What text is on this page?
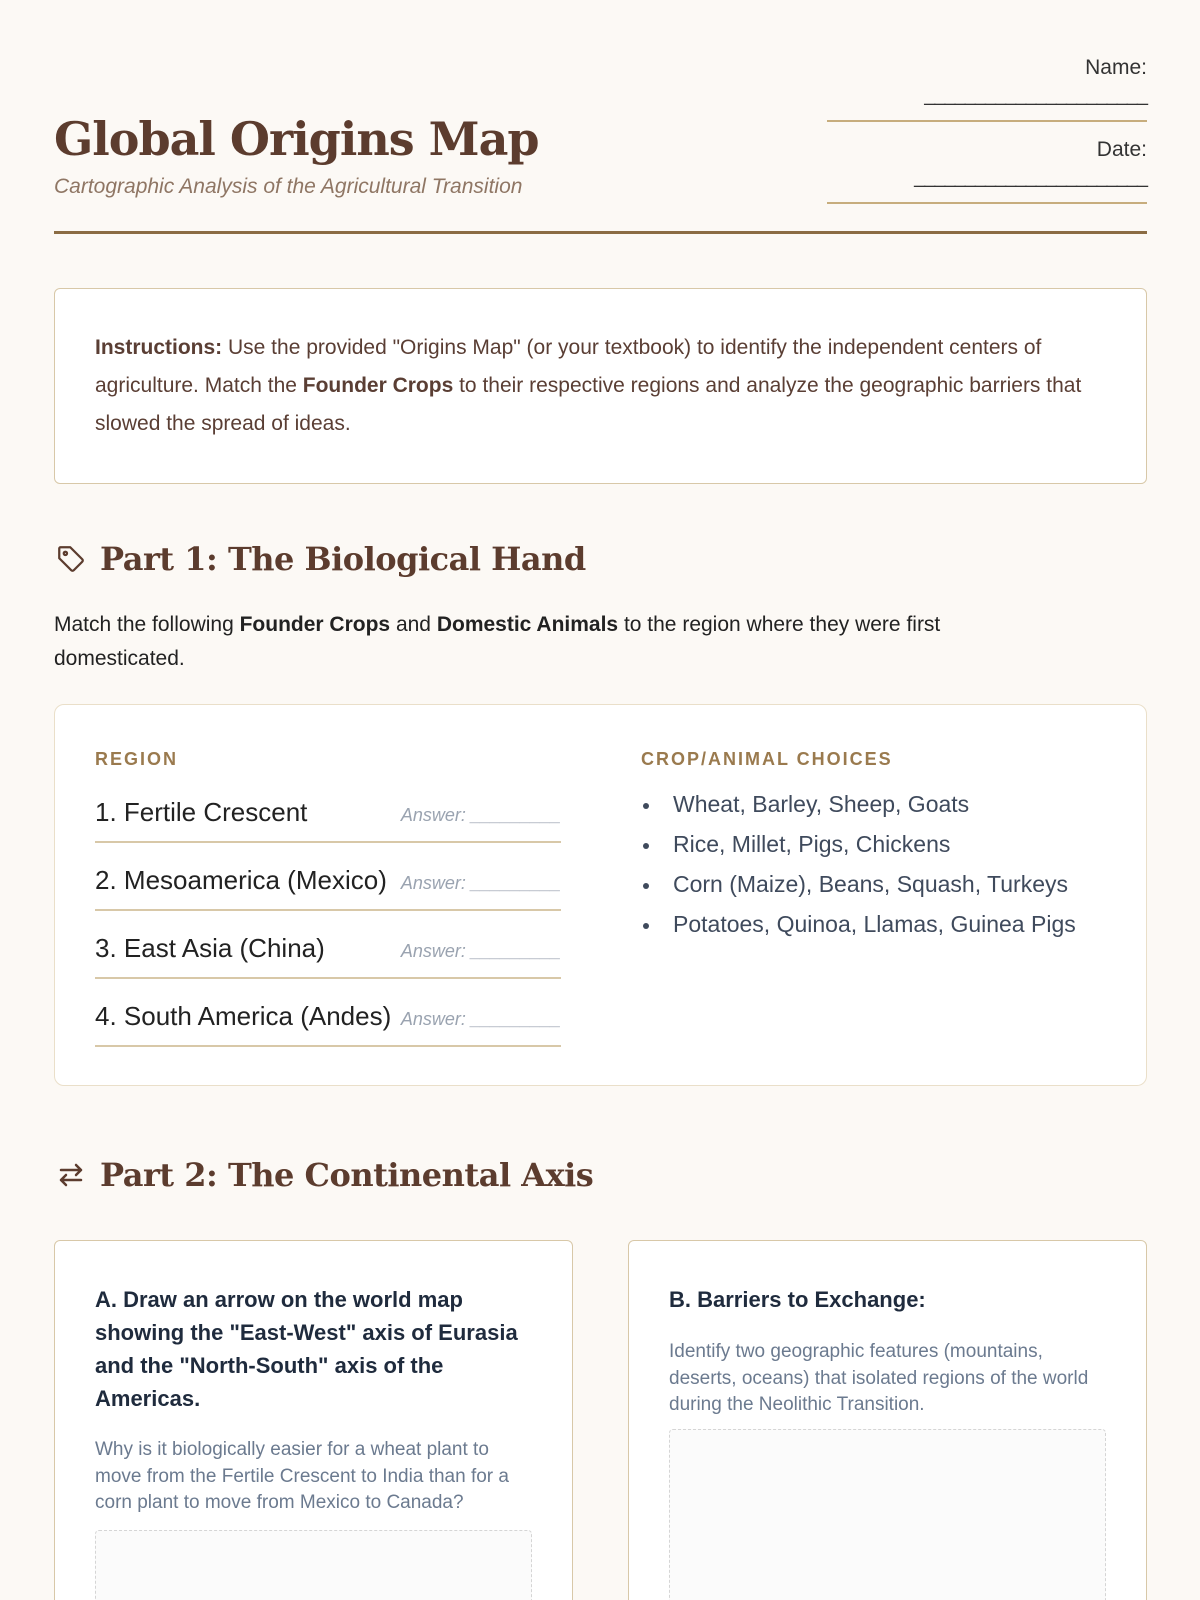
Global Origins Map
Cartographic Analysis of the Agricultural Transition
Name:
______________________
Date:
_______________________
Instructions: Use the provided "Origins Map" (or your textbook) to identify the independent centers of agriculture. Match the Founder Crops to their respective regions and analyze the geographic barriers that slowed the spread of ideas.
Part 1: The Biological Hand
Match the following Founder Crops and Domestic Animals to the region where they were first domesticated.
REGION	CROP/ANIMAL CHOICES
1. Fertile Crescent	Answer: _________
2. Mesoamerica (Mexico) Answer: _________
3. East Asia (China)	Answer: _________
4. South America (Andes) Answer: _________
Wheat, Barley, Sheep, Goats
Rice, Millet, Pigs, Chickens
Corn (Maize), Beans, Squash, Turkeys
Potatoes, Quinoa, Llamas, Guinea Pigs
Part 2: The Continental Axis
A. Draw an arrow on the world map showing the "East-West" axis of Eurasia and the "North-South" axis of the Americas.
Why is it biologically easier for a wheat plant to move from the Fertile Crescent to India than for a corn plant to move from Mexico to Canada?
B. Barriers to Exchange:
Identify two geographic features (mountains, deserts, oceans) that isolated regions of the world during the Neolithic Transition.
